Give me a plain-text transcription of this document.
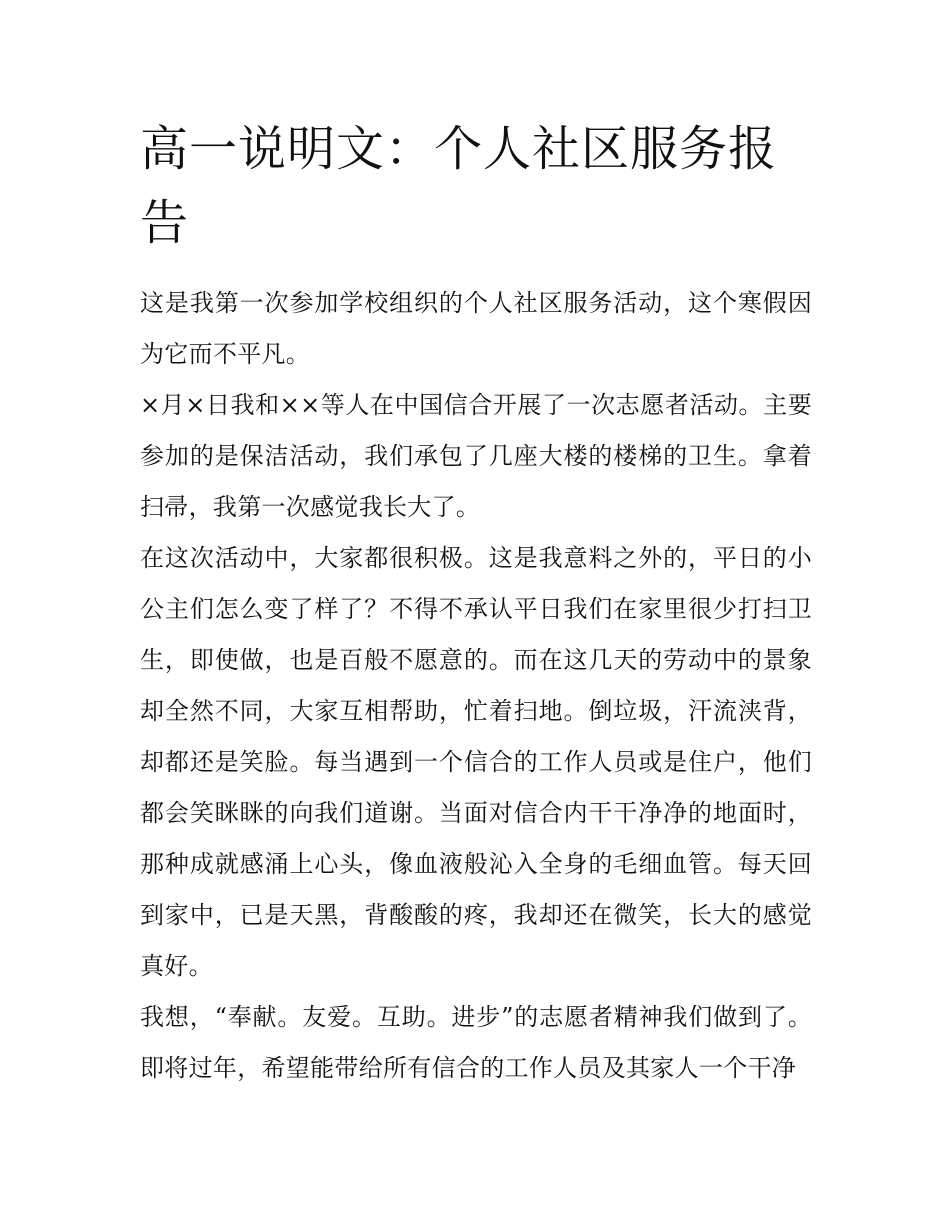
高一说明文：个人社区服务报告

这是我第一次参加学校组织的个人社区服务活动，这个寒假因为它而不平凡。

×月×日我和××等人在中国信合开展了一次志愿者活动。主要参加的是保洁活动，我们承包了几座大楼的楼梯的卫生。拿着扫帚，我第一次感觉我长大了。

在这次活动中，大家都很积极。这是我意料之外的，平日的小公主们怎么变了样了？不得不承认平日我们在家里很少打扫卫生，即使做，也是百般不愿意的。而在这几天的劳动中的景象却全然不同，大家互相帮助，忙着扫地。倒垃圾，汗流浃背，却都还是笑脸。每当遇到一个信合的工作人员或是住户，他们都会笑眯眯的向我们道谢。当面对信合内干干净净的地面时，那种成就感涌上心头，像血液般沁入全身的毛细血管。每天回到家中，已是天黑，背酸酸的疼，我却还在微笑，长大的感觉真好。

我想，“奉献。友爱。互助。进步”的志愿者精神我们做到了。即将过年，希望能带给所有信合的工作人员及其家人一个干净
